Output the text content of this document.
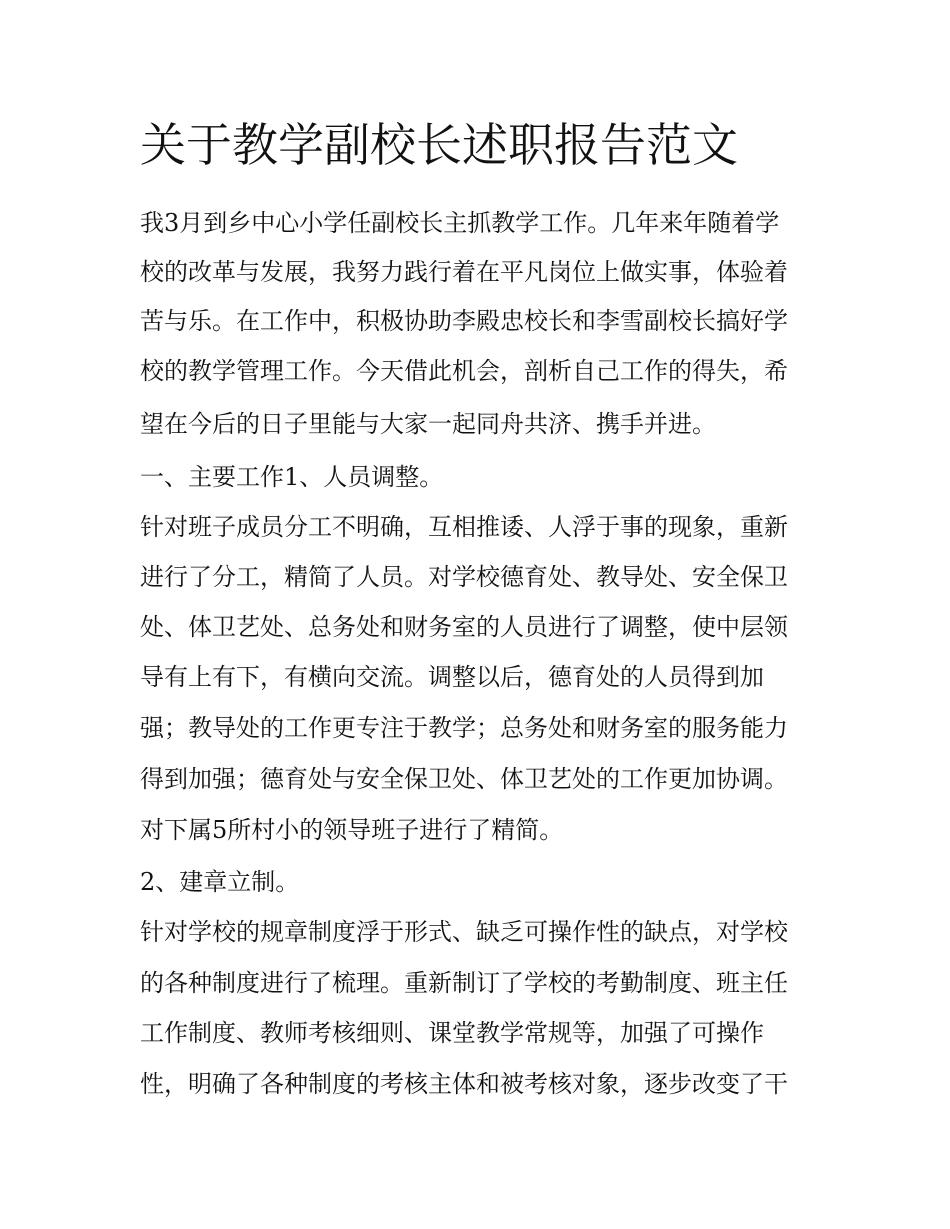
关于教学副校长述职报告范文

我3月到乡中心小学任副校长主抓教学工作。几年来年随着学

校的改革与发展，我努力践行着在平凡岗位上做实事，体验着

苦与乐。在工作中，积极协助李殿忠校长和李雪副校长搞好学

校的教学管理工作。今天借此机会，剖析自己工作的得失，希

望在今后的日子里能与大家一起同舟共济、携手并进。

一、主要工作1、人员调整。

针对班子成员分工不明确，互相推诿、人浮于事的现象，重新

进行了分工，精简了人员。对学校德育处、教导处、安全保卫

处、体卫艺处、总务处和财务室的人员进行了调整，使中层领

导有上有下，有横向交流。调整以后，德育处的人员得到加

强；教导处的工作更专注于教学；总务处和财务室的服务能力

得到加强；德育处与安全保卫处、体卫艺处的工作更加协调。

对下属5所村小的领导班子进行了精简。

2、建章立制。

针对学校的规章制度浮于形式、缺乏可操作性的缺点，对学校

的各种制度进行了梳理。重新制订了学校的考勤制度、班主任

工作制度、教师考核细则、课堂教学常规等，加强了可操作

性，明确了各种制度的考核主体和被考核对象，逐步改变了干
